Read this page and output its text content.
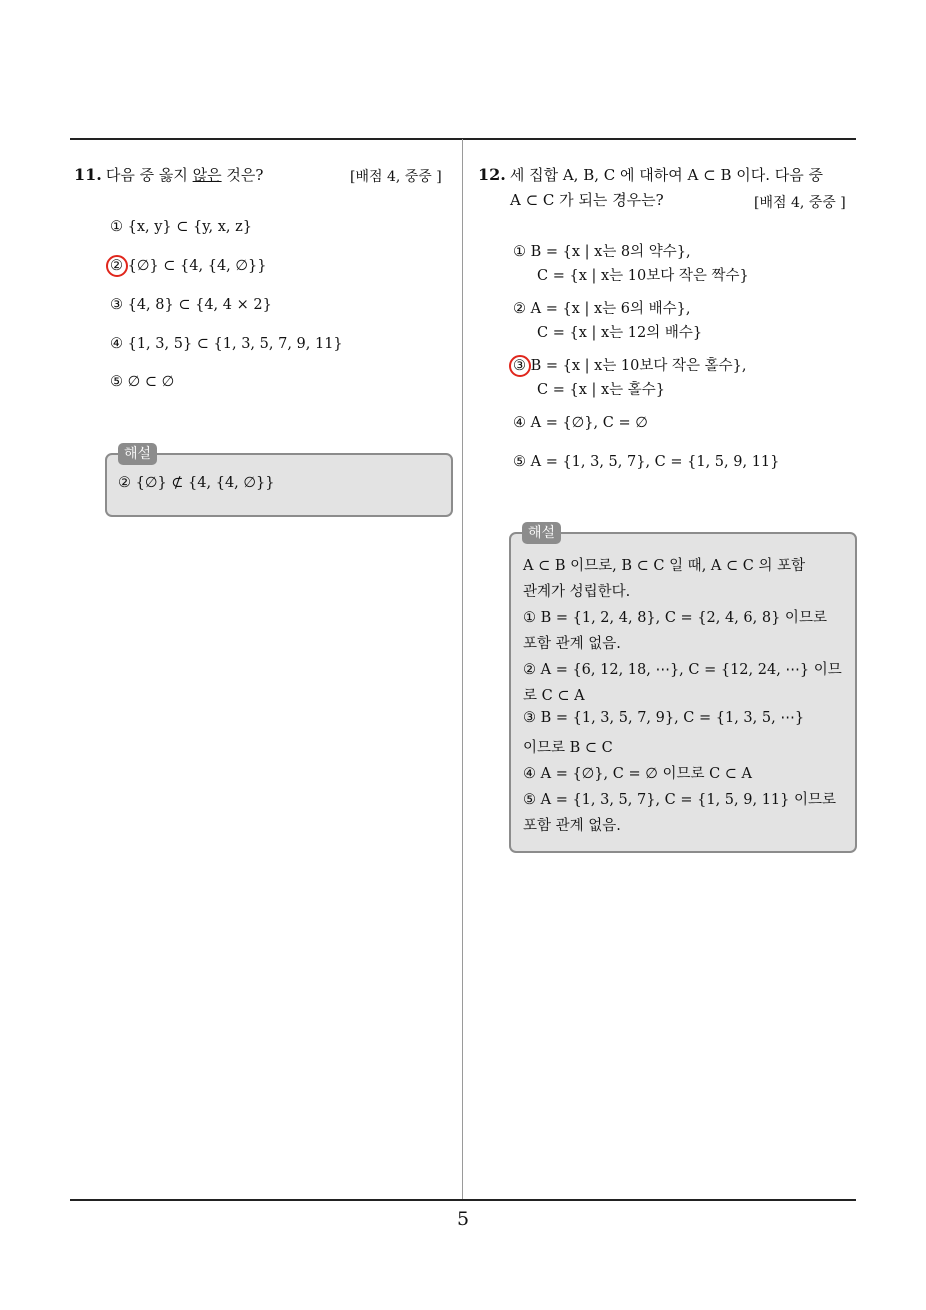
11. 다음 중 옳지 않은 것은?	[배점 4, 중중 ]
① {x, y} ⊂ {y, x, z}
② {∅} ⊂ {4, {4, ∅}}
③ {4, 8} ⊂ {4, 4 × 2}
④ {1, 3, 5} ⊂ {1, 3, 5, 7, 9, 11}
⑤ ∅ ⊂ ∅
② {∅} ⊄ {4, {4, ∅}}
해설
12. 세 집합 A, B, C 에 대하여 A ⊂ B 이다. 다음 중
A ⊂ C 가 되는 경우는?	[배점 4, 중중 ]
① B = {x | x는 8의 약수},
C = {x | x는 10보다 작은 짝수}
② A = {x | x는 6의 배수},
C = {x | x는 12의 배수}
③ B = {x | x는 10보다 작은 홀수},
C = {x | x는 홀수}
④ A = {∅}, C = ∅
⑤ A = {1, 3, 5, 7}, C = {1, 5, 9, 11}
A ⊂ B 이므로, B ⊂ C 일 때, A ⊂ C 의 포함
관계가 성립한다.
① B = {1, 2, 4, 8}, C = {2, 4, 6, 8} 이므로
포함 관계 없음.
② A = {6, 12, 18, ⋯}, C = {12, 24, ⋯} 이므
로 C ⊂ A
③ B = {1, 3, 5, 7, 9}, C = {1, 3, 5, ⋯}
이므로 B ⊂ C
④ A = {∅}, C = ∅ 이므로 C ⊂ A
⑤ A = {1, 3, 5, 7}, C = {1, 5, 9, 11} 이므로
포함 관계 없음.
해설
5
